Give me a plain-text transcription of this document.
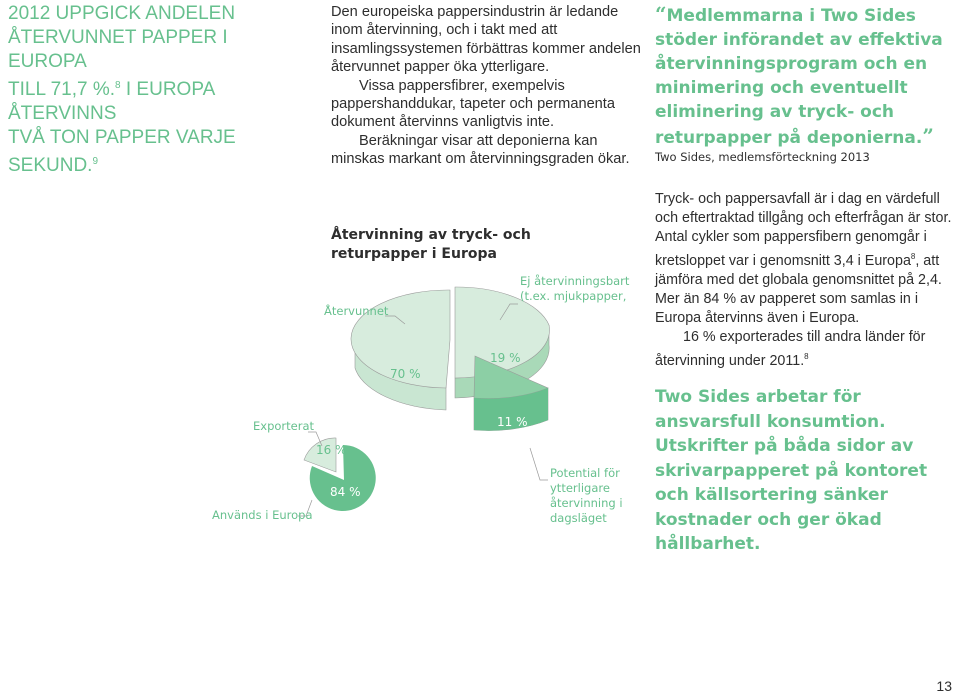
2012 UPPGICK ANDELEN
ÅTERVUNNET PAPPER I EUROPA
TILL 71,7 %.$^8$ I EUROPA ÅTERVINNS
TVÅ TON PAPPER VARJE SEKUND.$^9$

Den europeiska pappersindustrin är ledande inom återvinning, och i takt med att insamlingssystemen förbättras kommer andelen återvunnet papper öka ytterligare.

Vissa pappersfibrer, exempelvis pappershanddukar, tapeter och permanenta dokument återvinns vanligtvis inte.

Beräkningar visar att deponierna kan minskas markant om återvinningsgraden ökar.

“Medlemmarna i Two Sides stöder införandet av effektiva återvinningsprogram och en minimering och eventuellt eliminering av tryck- och returpapper på deponierna.”
Two Sides, medlemsförteckning 2013

Tryck- och pappersavfall är i dag en värdefull och eftertraktad tillgång och efterfrågan är stor. Antal cykler som pappersfibern genomgår i kretsloppet var i genomsnitt 3,4 i Europa$^8$, att jämföra med det globala genomsnittet på 2,4. Mer än 84 % av papperet som samlas in i Europa återvinns även i Europa.

16 % exporterades till andra länder för återvinning under 2011.$^8$

Two Sides arbetar för ansvarsfull konsumtion. Utskrifter på båda sidor av skrivarpapperet på kontoret och källsortering sänker kostnader och ger ökad hållbarhet.
Återvinning av tryck- och returpapper i Europa
70 %
19 %
11 %
16 %
84 %
Återvunnet
Ej återvinningsbart (t.ex. mjukpapper,
Potential för ytterligare återvinning i dagsläget
Exporterat
Används i Europa
13
